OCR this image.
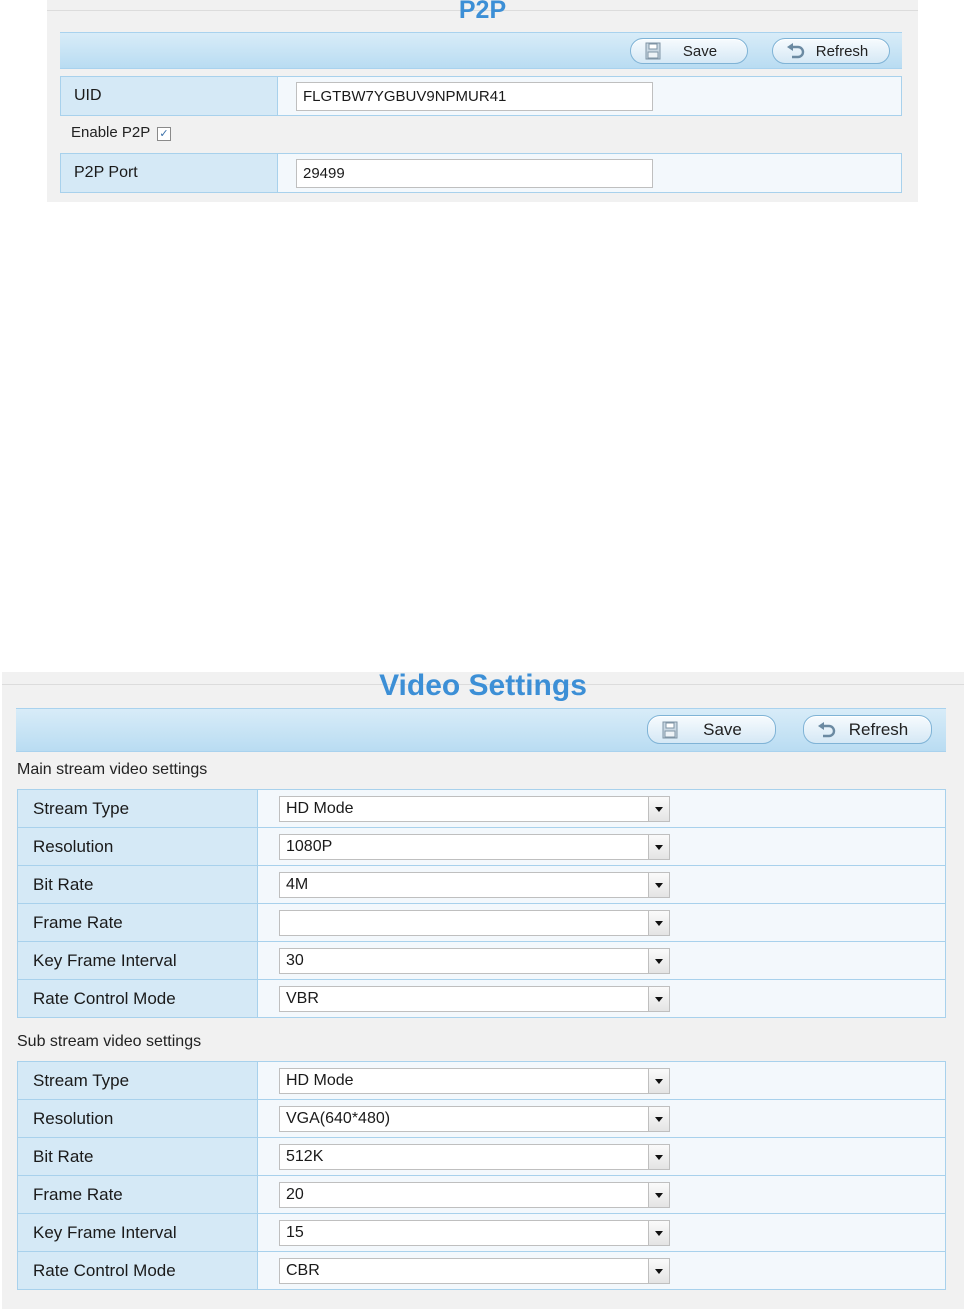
P2P
Save	Refresh
UID	FLGTBW7YGBUV9NPMUR41
Enable P2P ✓
P2P Port	29499
Video Settings
Save	Refresh
Main stream video settings
Sub stream video settings
Stream Type	HD Mode
Resolution	1080P
Bit Rate	4M
Frame Rate
Key Frame Interval	30
Rate Control Mode	VBR
Stream Type	HD Mode
Resolution	VGA(640*480)
Bit Rate	512K
Frame Rate	20
Key Frame Interval	15
Rate Control Mode	CBR
